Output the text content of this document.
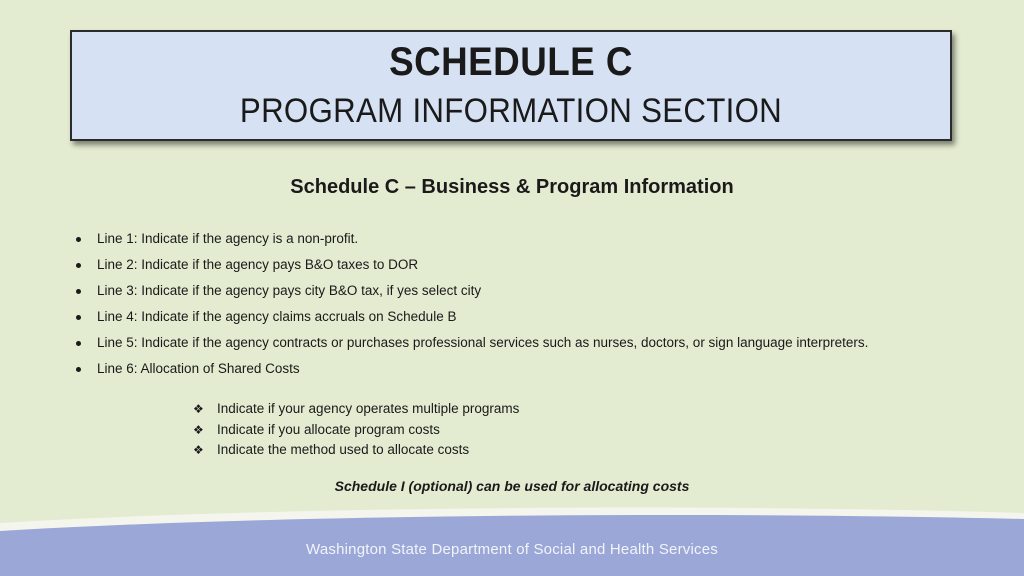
SCHEDULE C
PROGRAM INFORMATION SECTION
Schedule C – Business & Program Information
Line 1: Indicate if the agency is a non-profit.
Line 2: Indicate if the agency pays B&O taxes to DOR
Line 3: Indicate if the agency pays city B&O tax, if yes select city
Line 4: Indicate if the agency claims accruals on Schedule B
Line 5: Indicate if the agency contracts or purchases professional services such as nurses, doctors, or sign language interpreters.
Line 6: Allocation of Shared Costs
❖ Indicate if your agency operates multiple programs
❖ Indicate if you allocate program costs
❖ Indicate the method used to allocate costs
Schedule I (optional) can be used for allocating costs
Washington State Department of Social and Health Services
